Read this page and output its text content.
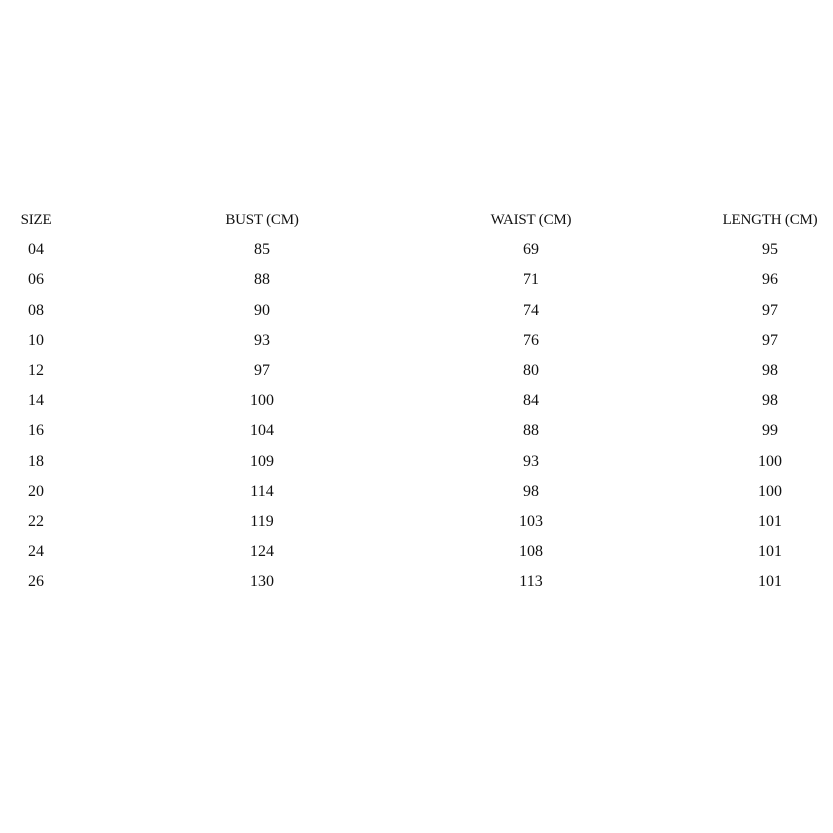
SIZE	BUST (CM)	WAIST (CM)	LENGTH (CM)
04	85	69	95
06	88	71	96
08	90	74	97
10	93	76	97
12	97	80	98
14	100	84	98
16	104	88	99
18	109	93	100
20	114	98	100
22	119	103	101
24	124	108	101
26	130	113	101
